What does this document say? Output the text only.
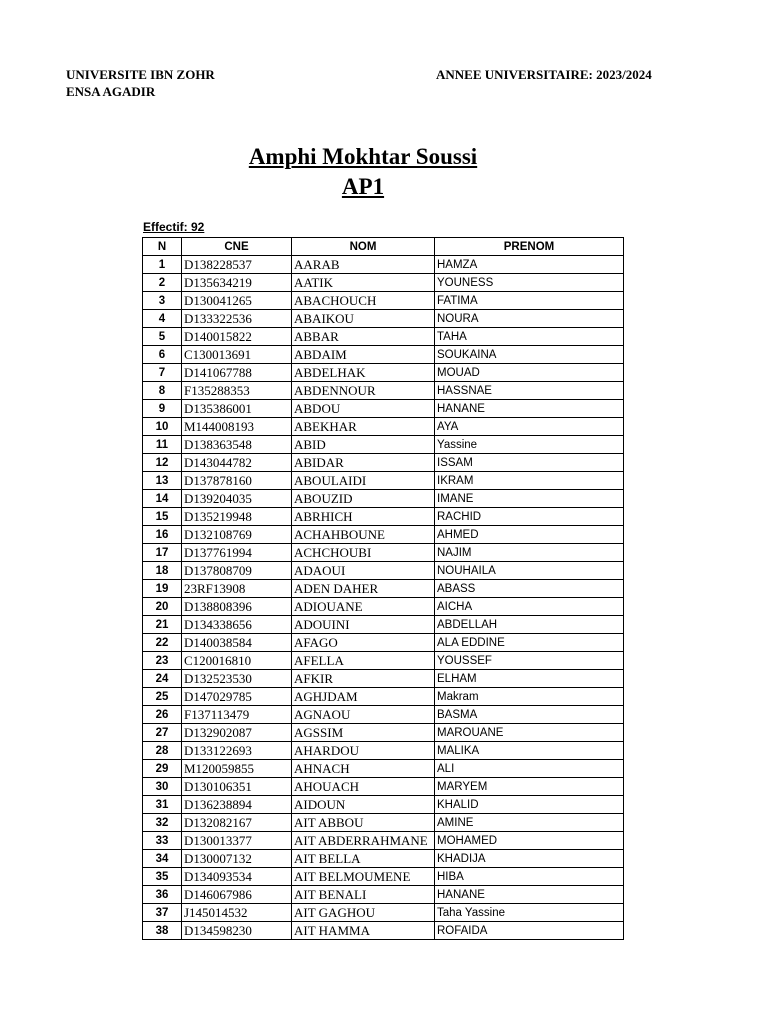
UNIVERSITE IBN ZOHR
ENSA AGADIR
ANNEE UNIVERSITAIRE: 2023/2024
Amphi Mokhtar Soussi
AP1
Effectif: 92
N	CNE	NOM	PRENOM
1	D138228537	AARAB	HAMZA
2	D135634219	AATIK	YOUNESS
3	D130041265	ABACHOUCH	FATIMA
4	D133322536	ABAIKOU	NOURA
5	D140015822	ABBAR	TAHA
6	C130013691	ABDAIM	SOUKAINA
7	D141067788	ABDELHAK	MOUAD
8	F135288353	ABDENNOUR	HASSNAE
9	D135386001	ABDOU	HANANE
10	M144008193	ABEKHAR	AYA
11	D138363548	ABID	Yassine
12	D143044782	ABIDAR	ISSAM
13	D137878160	ABOULAIDI	IKRAM
14	D139204035	ABOUZID	IMANE
15	D135219948	ABRHICH	RACHID
16	D132108769	ACHAHBOUNE	AHMED
17	D137761994	ACHCHOUBI	NAJIM
18	D137808709	ADAOUI	NOUHAILA
19	23RF13908	ADEN DAHER	ABASS
20	D138808396	ADIOUANE	AICHA
21	D134338656	ADOUINI	ABDELLAH
22	D140038584	AFAGO	ALA EDDINE
23	C120016810	AFELLA	YOUSSEF
24	D132523530	AFKIR	ELHAM
25	D147029785	AGHJDAM	Makram
26	F137113479	AGNAOU	BASMA
27	D132902087	AGSSIM	MAROUANE
28	D133122693	AHARDOU	MALIKA
29	M120059855	AHNACH	ALI
30	D130106351	AHOUACH	MARYEM
31	D136238894	AIDOUN	KHALID
32	D132082167	AIT ABBOU	AMINE
33	D130013377	AIT ABDERRAHMANE	MOHAMED
34	D130007132	AIT BELLA	KHADIJA
35	D134093534	AIT BELMOUMENE	HIBA
36	D146067986	AIT BENALI	HANANE
37	J145014532	AIT GAGHOU	Taha Yassine
38	D134598230	AIT HAMMA	ROFAIDA
